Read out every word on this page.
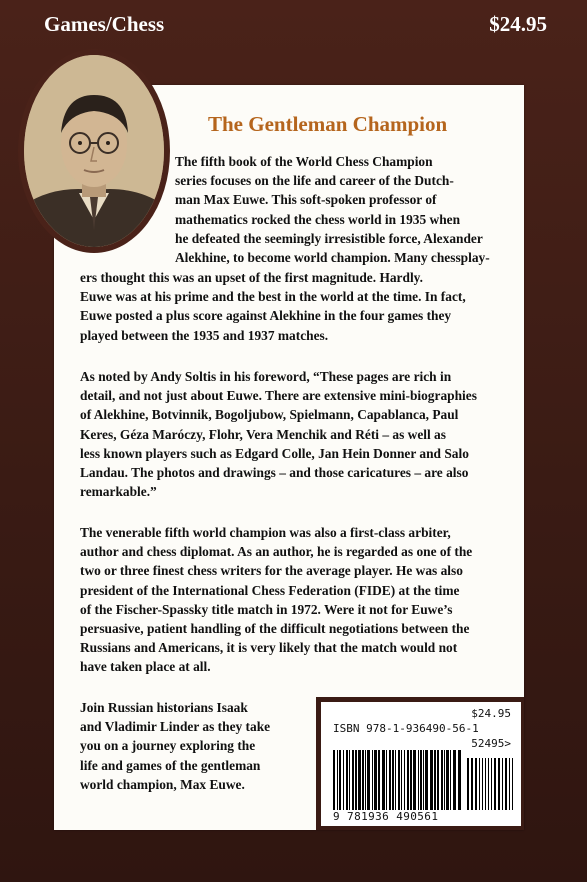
Games/Chess	$24.95
The Gentleman Champion
The fifth book of the World Chess Champion
series focuses on the life and career of the Dutch-
man Max Euwe. This soft-spoken professor of
mathematics rocked the chess world in 1935 when
he defeated the seemingly irresistible force, Alexander
Alekhine, to become world champion. Many chessplay-
ers thought this was an upset of the first magnitude. Hardly.
Euwe was at his prime and the best in the world at the time. In fact,
Euwe posted a plus score against Alekhine in the four games they
played between the 1935 and 1937 matches.
As noted by Andy Soltis in his foreword, “These pages are rich in
detail, and not just about Euwe. There are extensive mini-biographies
of Alekhine, Botvinnik, Bogoljubow, Spielmann, Capablanca, Paul
Keres, Géza Maróczy, Flohr, Vera Menchik and Réti – as well as
less known players such as Edgard Colle, Jan Hein Donner and Salo
Landau. The photos and drawings – and those caricatures – are also
remarkable.”
The venerable fifth world champion was also a first-class arbiter,
author and chess diplomat. As an author, he is regarded as one of the
two or three finest chess writers for the average player. He was also
president of the International Chess Federation (FIDE) at the time
of the Fischer-Spassky title match in 1972. Were it not for Euwe’s
persuasive, patient handling of the difficult negotiations between the
Russians and Americans, it is very likely that the match would not
have taken place at all.
Join Russian historians Isaak
and Vladimir Linder as they take
you on a journey exploring the
life and games of the gentleman
world champion, Max Euwe.
$24.95
ISBN 978-1-936490-56-1
52495>
9 781936 490561
